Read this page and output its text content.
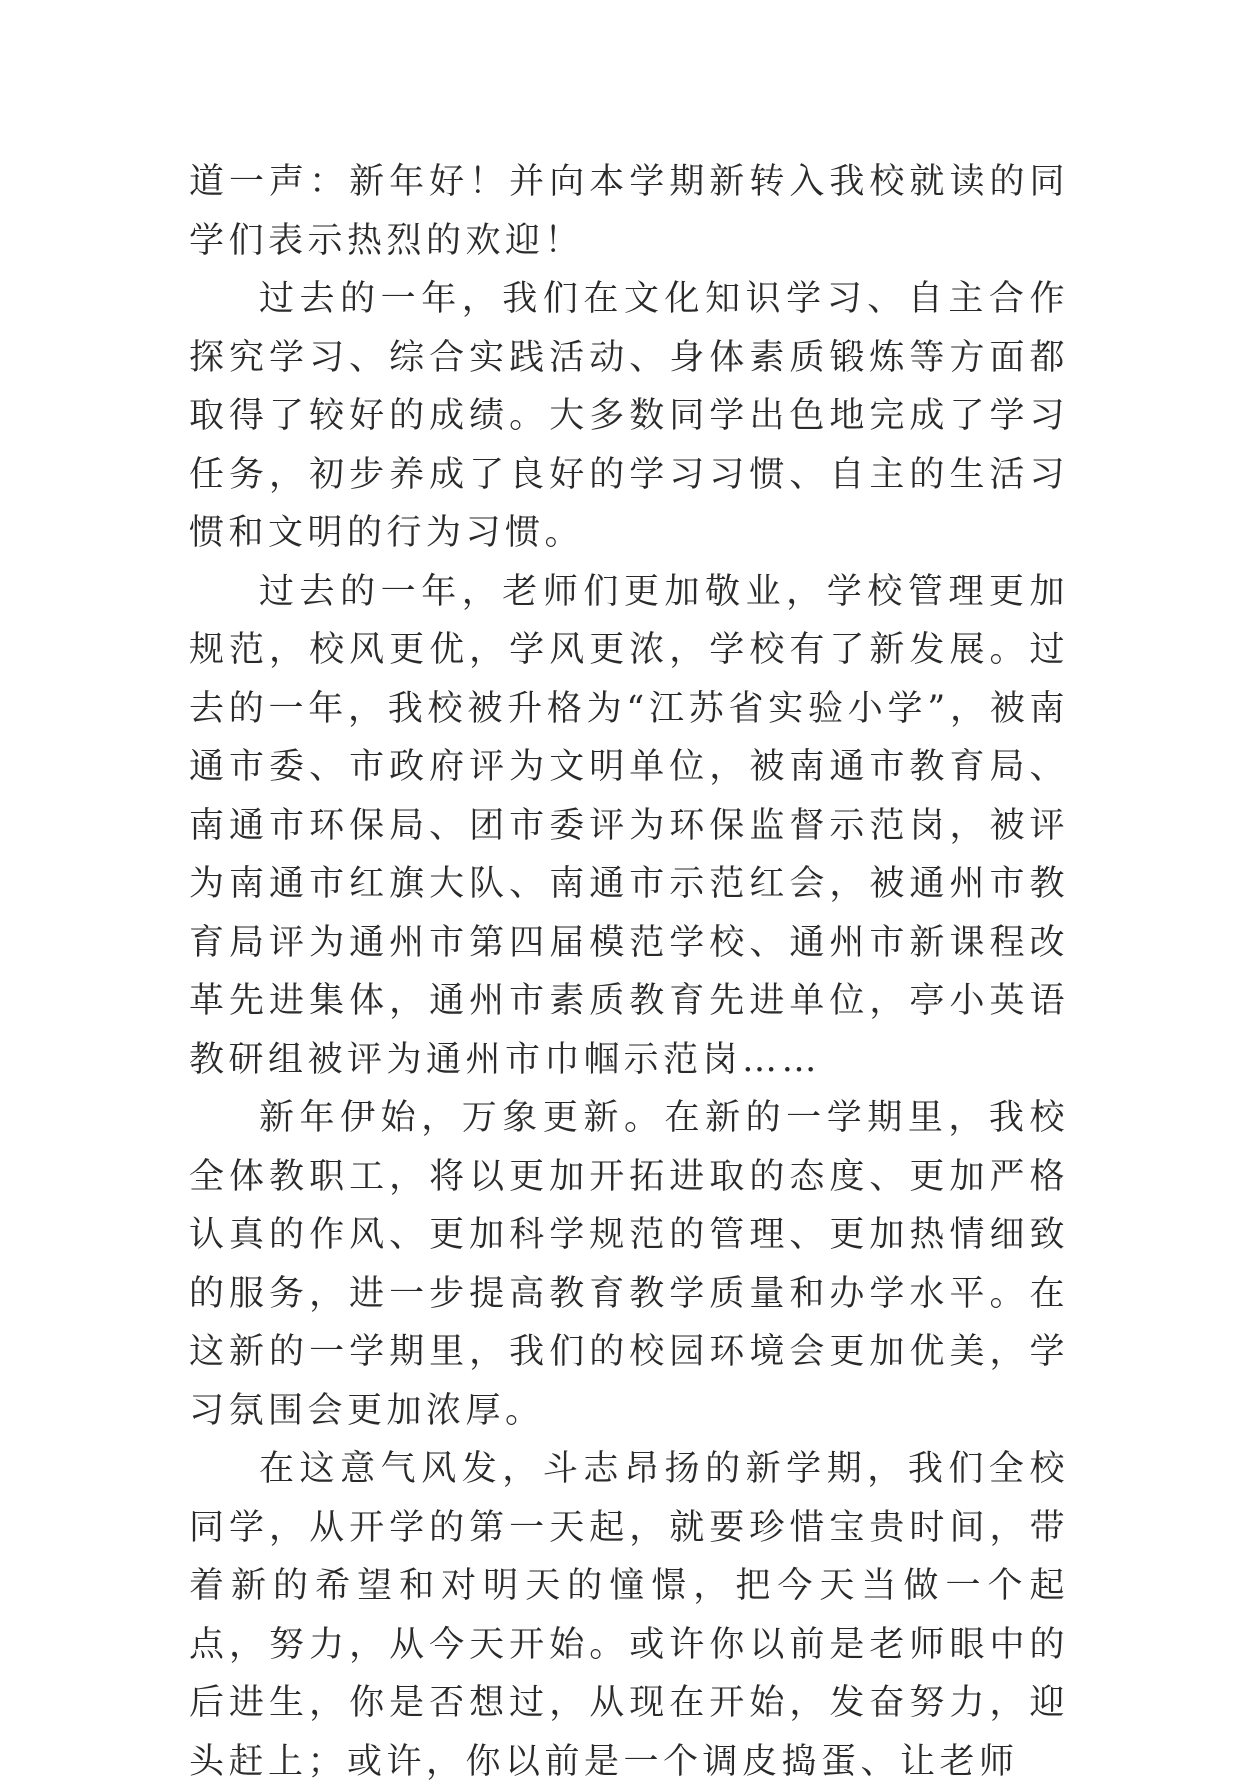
道一声：新年好！并向本学期新转入我校就读的同学们表示热烈的欢迎！

过去的一年，我们在文化知识学习、自主合作探究学习、综合实践活动、身体素质锻炼等方面都取得了较好的成绩。大多数同学出色地完成了学习任务，初步养成了良好的学习习惯、自主的生活习惯和文明的行为习惯。

过去的一年，老师们更加敬业，学校管理更加规范，校风更优，学风更浓，学校有了新发展。过去的一年，我校被升格为“江苏省实验小学”，被南通市委、市政府评为文明单位，被南通市教育局、南通市环保局、团市委评为环保监督示范岗，被评为南通市红旗大队、南通市示范红会，被通州市教育局评为通州市第四届模范学校、通州市新课程改革先进集体，通州市素质教育先进单位，亭小英语教研组被评为通州市巾帼示范岗……

新年伊始，万象更新。在新的一学期里，我校全体教职工，将以更加开拓进取的态度、更加严格认真的作风、更加科学规范的管理、更加热情细致的服务，进一步提高教育教学质量和办学水平。在这新的一学期里，我们的校园环境会更加优美，学习氛围会更加浓厚。

在这意气风发，斗志昂扬的新学期，我们全校同学，从开学的第一天起，就要珍惜宝贵时间，带着新的希望和对明天的憧憬，把今天当做一个起点，努力，从今天开始。或许你以前是老师眼中的后进生，你是否想过，从现在开始，发奋努力，迎头赶上；或许，你以前是一个调皮捣蛋、让老师
